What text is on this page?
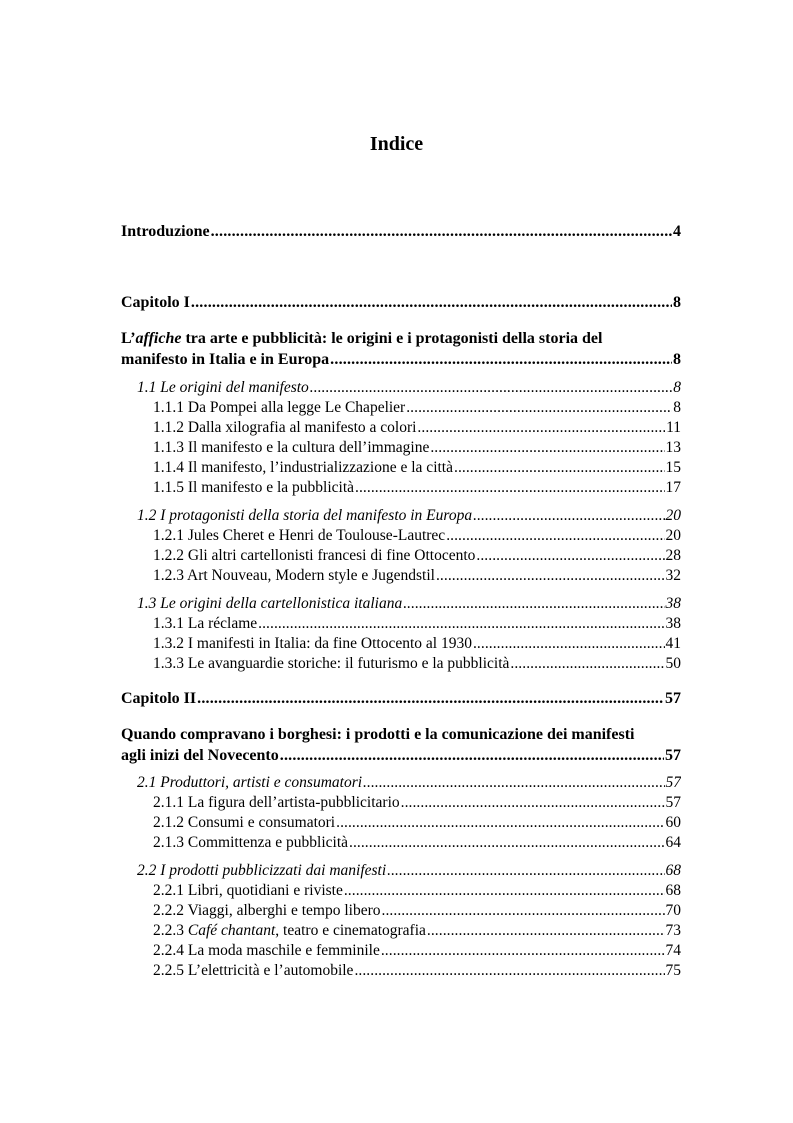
Indice
Introduzione . . .	4
Capitolo I . . .	8
L’affiche tra arte e pubblicità: le origini e i protagonisti della storia del
manifesto in Italia e in Europa . . .	8
1.1 Le origini del manifesto . . .	8
1.1.1 Da Pompei alla legge Le Chapelier . . .	8
1.1.2 Dalla xilografia al manifesto a colori . . .	11
1.1.3 Il manifesto e la cultura dell’immagine . . .	13
1.1.4 Il manifesto, l’industrializzazione e la città . . .	15
1.1.5 Il manifesto e la pubblicità . . .	17
1.2 I protagonisti della storia del manifesto in Europa . . .	20
1.2.1 Jules Cheret e Henri de Toulouse-Lautrec . . .	20
1.2.2 Gli altri cartellonisti francesi di fine Ottocento . . .	28
1.2.3 Art Nouveau, Modern style e Jugendstil . . .	32
1.3 Le origini della cartellonistica italiana . . .	38
1.3.1 La réclame . . .	38
1.3.2 I manifesti in Italia: da fine Ottocento al 1930 . . .	41
1.3.3 Le avanguardie storiche: il futurismo e la pubblicità . . .	50
Capitolo II . . .	57
Quando compravano i borghesi: i prodotti e la comunicazione dei manifesti
agli inizi del Novecento . . .	57
2.1 Produttori, artisti e consumatori . . .	57
2.1.1 La figura dell’artista-pubblicitario . . .	57
2.1.2 Consumi e consumatori . . .	60
2.1.3 Committenza e pubblicità . . .	64
2.2 I prodotti pubblicizzati dai manifesti . . .	68
2.2.1 Libri, quotidiani e riviste . . .	68
2.2.2 Viaggi, alberghi e tempo libero . . .	70
2.2.3 Café chantant, teatro e cinematografia . . .	73
2.2.4 La moda maschile e femminile . . .	74
2.2.5 L’elettricità e l’automobile . . .	75
